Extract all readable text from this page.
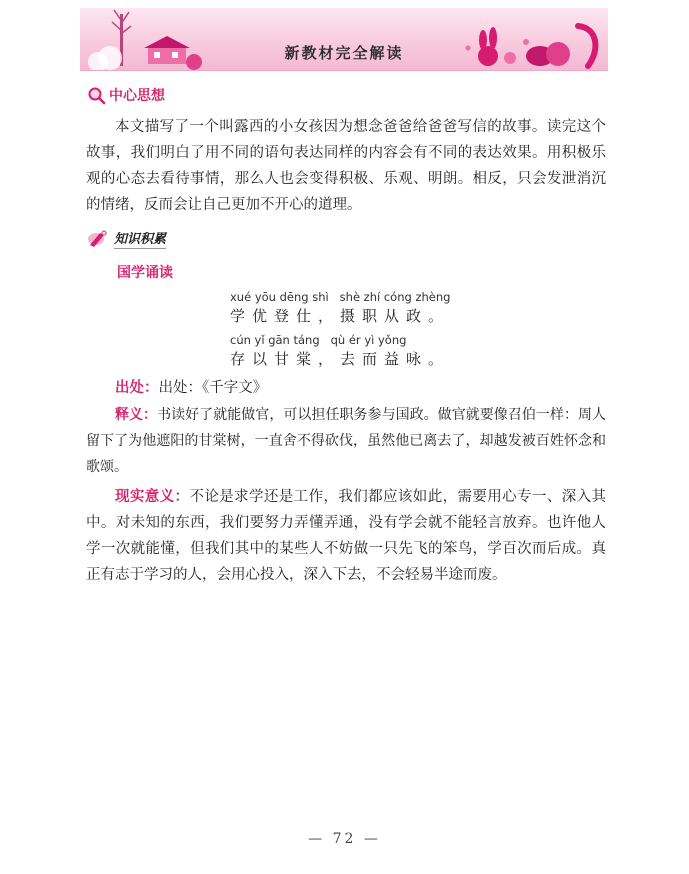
新教材完全解读
中心思想

本文描写了一个叫露西的小女孩因为想念爸爸给爸爸写信的故事。读完这个故事，我们明白了用不同的语句表达同样的内容会有不同的表达效果。用积极乐观的心态去看待事情，那么人也会变得积极、乐观、明朗。相反，只会发泄消沉的情绪，反而会让自己更加不开心的道理。

知识积累
国学诵读
xué yōu dēng shì   shè zhí cóng zhèng
学优登仕，摄职从政。
cún yǐ gān táng   qù ér yì yǒng
存以甘棠，去而益咏。

出处：出处：《千字文》

释义：书读好了就能做官，可以担任职务参与国政。做官就要像召伯一样：周人留下了为他遮阳的甘棠树，一直舍不得砍伐，虽然他已离去了，却越发被百姓怀念和歌颂。

现实意义：不论是求学还是工作，我们都应该如此，需要用心专一、深入其中。对未知的东西，我们要努力弄懂弄通，没有学会就不能轻言放弃。也许他人学一次就能懂，但我们其中的某些人不妨做一只先飞的笨鸟，学百次而后成。真正有志于学习的人，会用心投入，深入下去，不会轻易半途而废。

— 72 —
